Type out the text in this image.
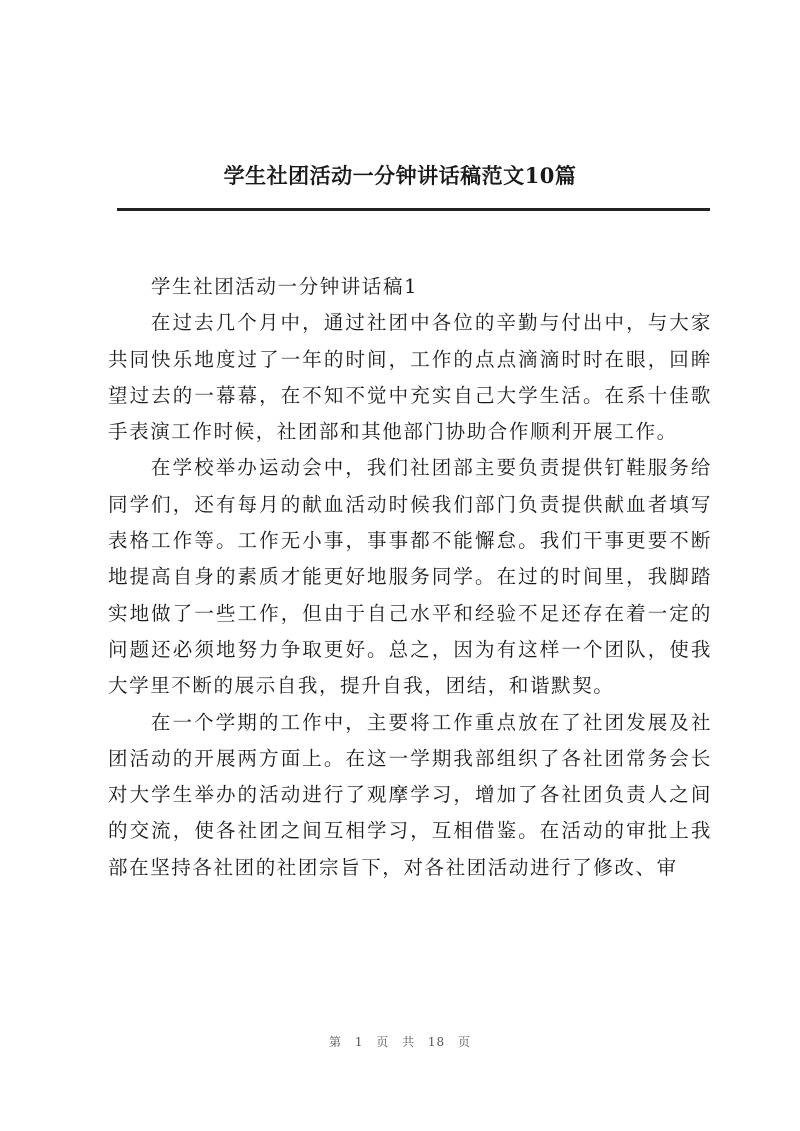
学生社团活动一分钟讲话稿范文10篇

学生社团活动一分钟讲话稿1

在过去几个月中，通过社团中各位的辛勤与付出中，与大家共同快乐地度过了一年的时间，工作的点点滴滴时时在眼，回眸望过去的一幕幕，在不知不觉中充实自己大学生活。在系十佳歌手表演工作时候，社团部和其他部门协助合作顺利开展工作。

在学校举办运动会中，我们社团部主要负责提供钉鞋服务给同学们，还有每月的献血活动时候我们部门负责提供献血者填写表格工作等。工作无小事，事事都不能懈怠。我们干事更要不断地提高自身的素质才能更好地服务同学。在过的时间里，我脚踏实地做了一些工作，但由于自己水平和经验不足还存在着一定的问题还必须地努力争取更好。总之，因为有这样一个团队，使我大学里不断的展示自我，提升自我，团结，和谐默契。

在一个学期的工作中，主要将工作重点放在了社团发展及社团活动的开展两方面上。在这一学期我部组织了各社团常务会长对大学生举办的活动进行了观摩学习，增加了各社团负责人之间的交流，使各社团之间互相学习，互相借鉴。在活动的审批上我部在坚持各社团的社团宗旨下，对各社团活动进行了修改、审

第 1 页 共 18 页
